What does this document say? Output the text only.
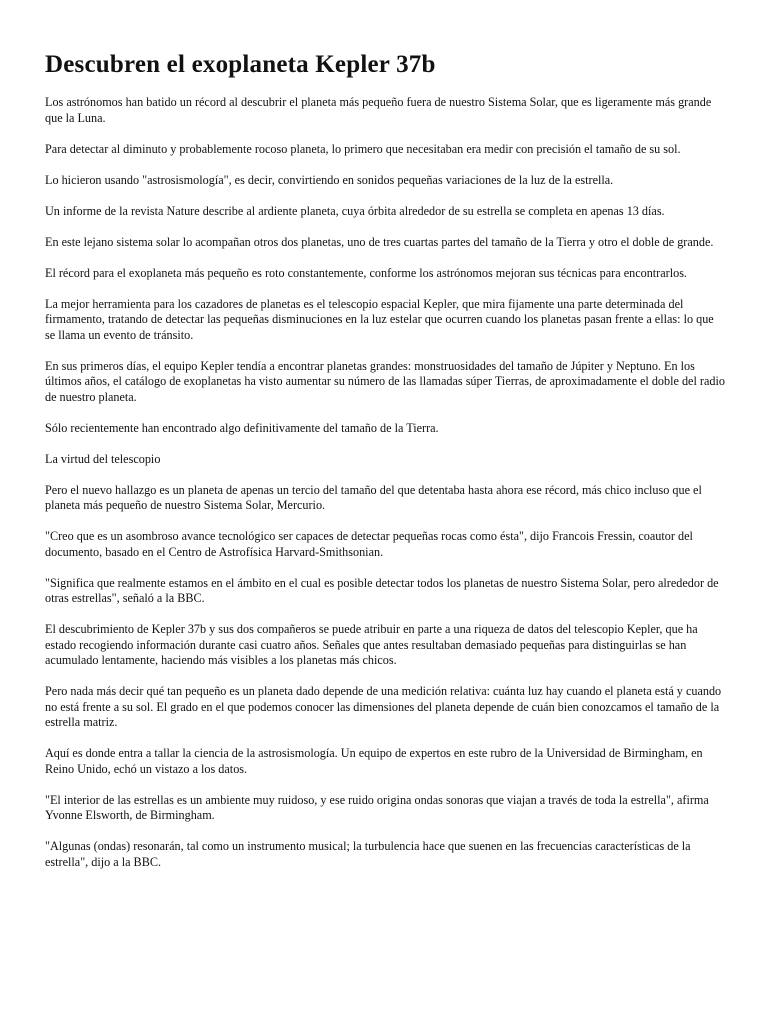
Descubren el exoplaneta Kepler 37b

Los astrónomos han batido un récord al descubrir el planeta más pequeño fuera de nuestro Sistema Solar, que es ligeramente más grande que la Luna.

Para detectar al diminuto y probablemente rocoso planeta, lo primero que necesitaban era medir con precisión el tamaño de su sol.

Lo hicieron usando "astrosismología", es decir, convirtiendo en sonidos pequeñas variaciones de la luz de la estrella.

Un informe de la revista Nature describe al ardiente planeta, cuya órbita alrededor de su estrella se completa en apenas 13 días.

En este lejano sistema solar lo acompañan otros dos planetas, uno de tres cuartas partes del tamaño de la Tierra y otro el doble de grande.

El récord para el exoplaneta más pequeño es roto constantemente, conforme los astrónomos mejoran sus técnicas para encontrarlos.

La mejor herramienta para los cazadores de planetas es el telescopio espacial Kepler, que mira fijamente una parte determinada del firmamento, tratando de detectar las pequeñas disminuciones en la luz estelar que ocurren cuando los planetas pasan frente a ellas: lo que se llama un evento de tránsito.

En sus primeros días, el equipo Kepler tendía a encontrar planetas grandes: monstruosidades del tamaño de Júpiter y Neptuno. En los últimos años, el catálogo de exoplanetas ha visto aumentar su número de las llamadas súper Tierras, de aproximadamente el doble del radio de nuestro planeta.

Sólo recientemente han encontrado algo definitivamente del tamaño de la Tierra.

La virtud del telescopio

Pero el nuevo hallazgo es un planeta de apenas un tercio del tamaño del que detentaba hasta ahora ese récord, más chico incluso que el planeta más pequeño de nuestro Sistema Solar, Mercurio.

"Creo que es un asombroso avance tecnológico ser capaces de detectar pequeñas rocas como ésta", dijo Francois Fressin, coautor del documento, basado en el Centro de Astrofísica Harvard-Smithsonian.

"Significa que realmente estamos en el ámbito en el cual es posible detectar todos los planetas de nuestro Sistema Solar, pero alrededor de otras estrellas", señaló a la BBC.

El descubrimiento de Kepler 37b y sus dos compañeros se puede atribuir en parte a una riqueza de datos del telescopio Kepler, que ha estado recogiendo información durante casi cuatro años. Señales que antes resultaban demasiado pequeñas para distinguirlas se han acumulado lentamente, haciendo más visibles a los planetas más chicos.

Pero nada más decir qué tan pequeño es un planeta dado depende de una medición relativa: cuánta luz hay cuando el planeta está y cuando no está frente a su sol. El grado en el que podemos conocer las dimensiones del planeta depende de cuán bien conozcamos el tamaño de la estrella matriz.

Aquí es donde entra a tallar la ciencia de la astrosismología. Un equipo de expertos en este rubro de la Universidad de Birmingham, en Reino Unido, echó un vistazo a los datos.

"El interior de las estrellas es un ambiente muy ruidoso, y ese ruido origina ondas sonoras que viajan a través de toda la estrella", afirma Yvonne Elsworth, de Birmingham.

"Algunas (ondas) resonarán, tal como un instrumento musical; la turbulencia hace que suenen en las frecuencias características de la estrella", dijo a la BBC.
